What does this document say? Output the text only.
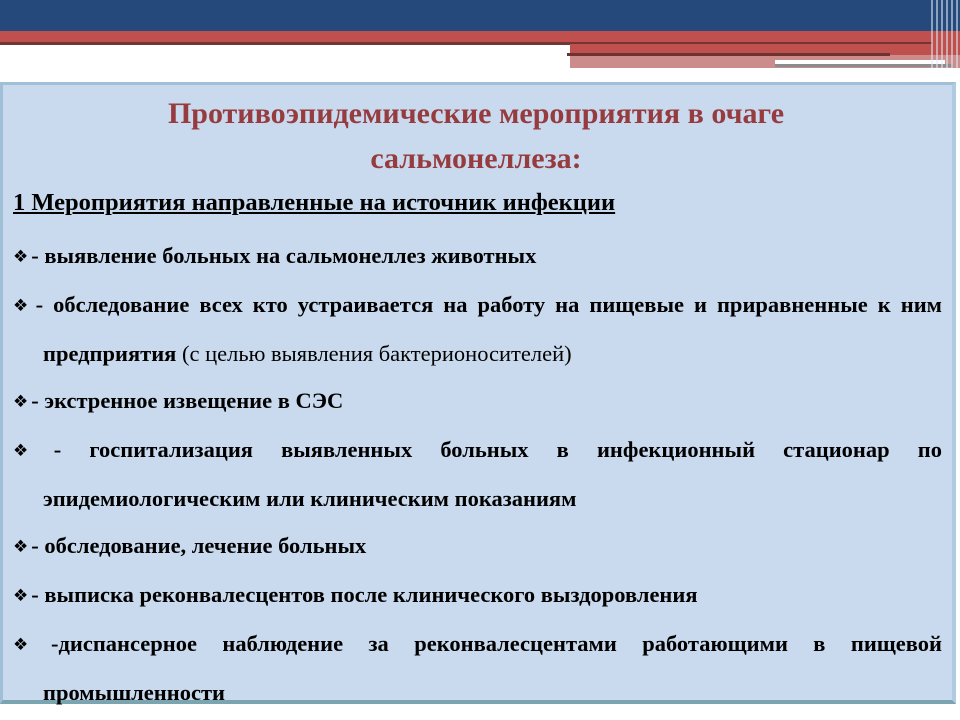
Противоэпидемические мероприятия в очаге
сальмонеллеза:
1 Мероприятия направленные на источник инфекции

❖ - выявление больных на сальмонеллез животных

❖ - обследование всех кто устраивается на работу на пищевые и приравненные к ним предприятия (с целью выявления бактерионосителей)

❖ - экстренное извещение в СЭС

❖ - госпитализация выявленных больных в инфекционный стационар по эпидемиологическим или клиническим показаниям

❖ - обследование, лечение больных

❖ - выписка реконвалесцентов после клинического выздоровления

❖ -диспансерное наблюдение за реконвалесцентами работающими в пищевой промышленности
